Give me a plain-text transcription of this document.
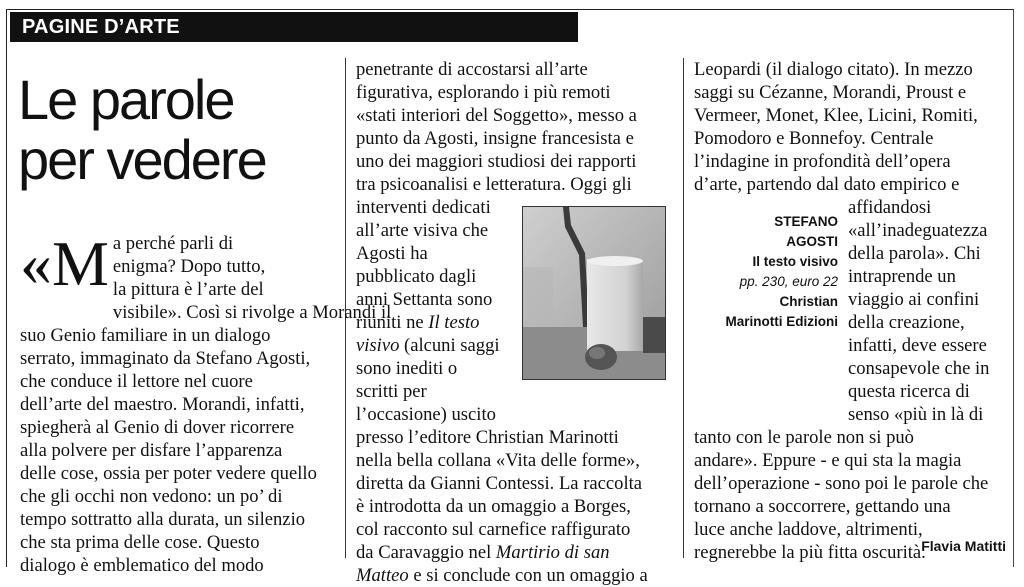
PAGINE D’ARTE
Le parole
per vedere
«M a perché parli di
enigma? Dopo tutto,
la pittura è l’arte del
visibile». Così si rivolge a Morandi il
suo Genio familiare in un dialogo
serrato, immaginato da Stefano Agosti,
che conduce il lettore nel cuore
dell’arte del maestro. Morandi, infatti,
spiegherà al Genio di dover ricorrere
alla polvere per disfare l’apparenza
delle cose, ossia per poter vedere quello
che gli occhi non vedono: un po’ di
tempo sottratto alla durata, un silenzio
che sta prima delle cose. Questo
dialogo è emblematico del modo
penetrante di accostarsi all’arte
figurativa, esplorando i più remoti
«stati interiori del Soggetto», messo a
punto da Agosti, insigne francesista e
uno dei maggiori studiosi dei rapporti
tra psicoanalisi e letteratura. Oggi gli
interventi dedicati
all’arte visiva che
Agosti ha
pubblicato dagli
anni Settanta sono
riuniti ne Il testo
visivo (alcuni saggi
sono inediti o
scritti per
l’occasione) uscito
presso l’editore Christian Marinotti
nella bella collana «Vita delle forme»,
diretta da Gianni Contessi. La raccolta
è introdotta da un omaggio a Borges,
col racconto sul carnefice raffigurato
da Caravaggio nel Martirio di san
Matteo e si conclude con un omaggio a
STEFANO
AGOSTI
Il testo visivo
pp. 230, euro 22
Christian
Marinotti Edizioni
Leopardi (il dialogo citato). In mezzo
saggi su Cézanne, Morandi, Proust e
Vermeer, Monet, Klee, Licini, Romiti,
Pomodoro e Bonnefoy. Centrale
l’indagine in profondità dell’opera
d’arte, partendo dal dato empirico e
affidandosi
«all’inadeguatezza
della parola». Chi
intraprende un
viaggio ai confini
della creazione,
infatti, deve essere
consapevole che in
questa ricerca di
senso «più in là di
tanto con le parole non si può
andare». Eppure - e qui sta la magia
dell’operazione - sono poi le parole che
tornano a soccorrere, gettando una
luce anche laddove, altrimenti,
regnerebbe la più fitta oscurità.
Flavia Matitti
